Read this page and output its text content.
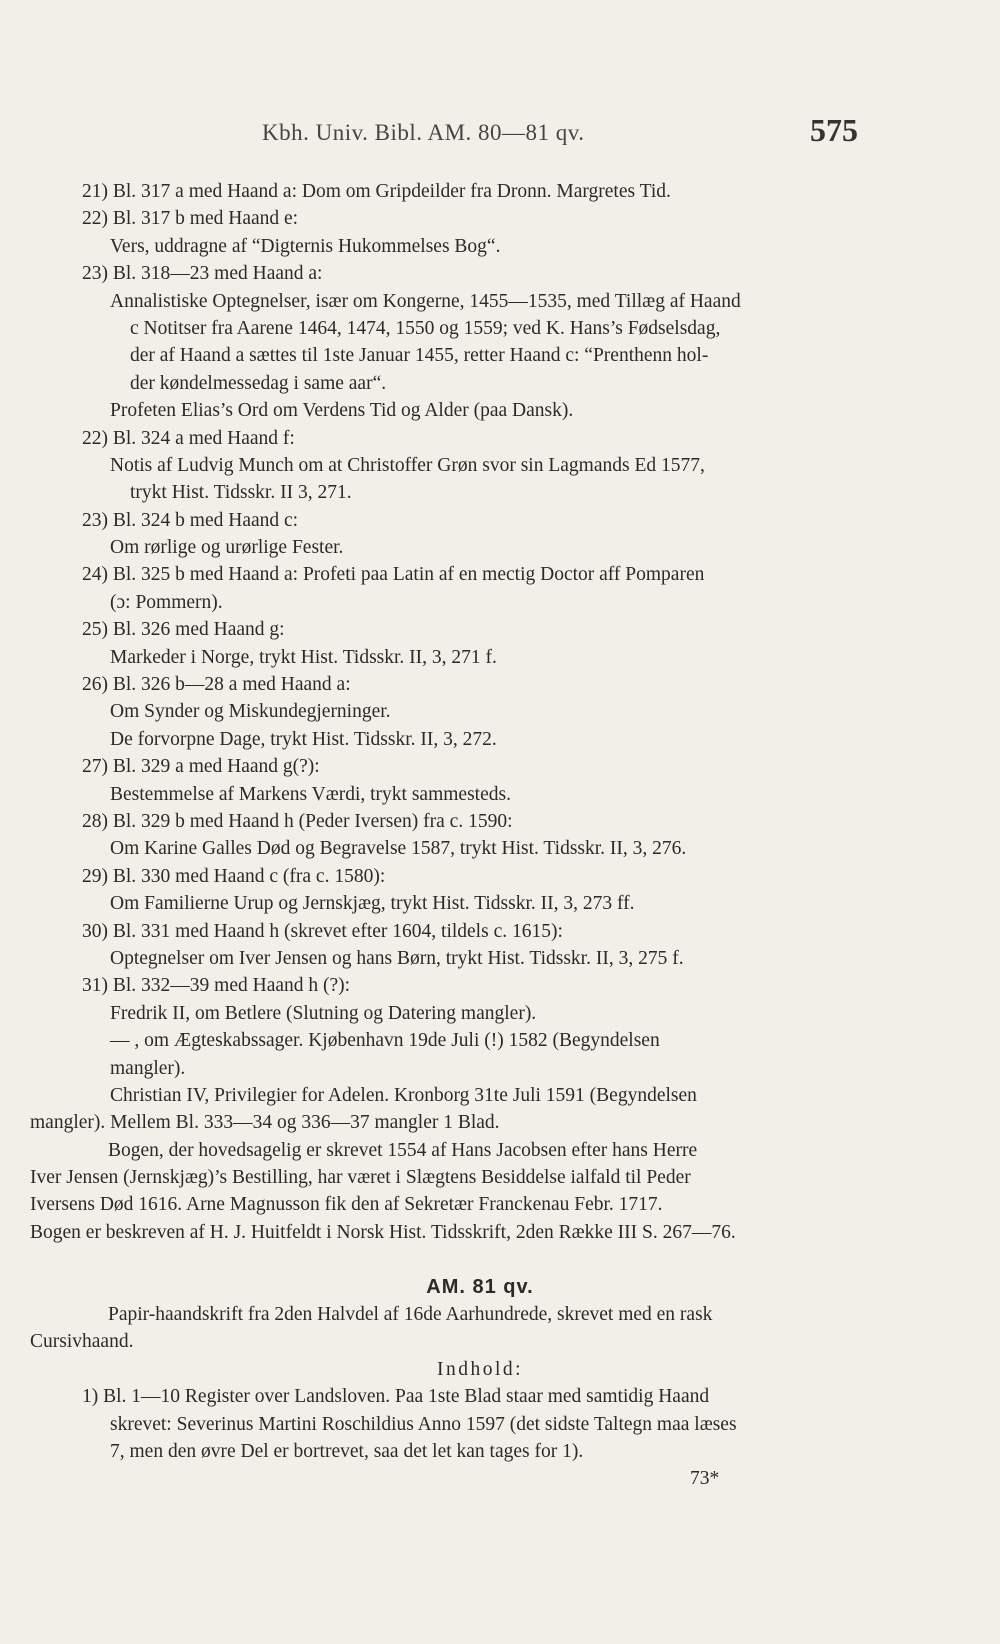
Kbh. Univ. Bibl. AM. 80—81 qv.	575
21) Bl. 317 a med Haand a: Dom om Gripdeilder fra Dronn. Margretes Tid.
22) Bl. 317 b med Haand e:
Vers, uddragne af “Digternis Hukommelses Bog“.
23) Bl. 318—23 med Haand a:
Annalistiske Optegnelser, især om Kongerne, 1455—1535, med Tillæg af Haand
c Notitser fra Aarene 1464, 1474, 1550 og 1559; ved K. Hans’s Fødselsdag,
der af Haand a sættes til 1ste Januar 1455, retter Haand c: “Prenthenn hol-
der køndelmessedag i same aar“.
Profeten Elias’s Ord om Verdens Tid og Alder (paa Dansk).
22) Bl. 324 a med Haand f:
Notis af Ludvig Munch om at Christoffer Grøn svor sin Lagmands Ed 1577,
trykt Hist. Tidsskr. II 3, 271.
23) Bl. 324 b med Haand c:
Om rørlige og urørlige Fester.
24) Bl. 325 b med Haand a: Profeti paa Latin af en mectig Doctor aff Pomparen
(ɔ: Pommern).
25) Bl. 326 med Haand g:
Markeder i Norge, trykt Hist. Tidsskr. II, 3, 271 f.
26) Bl. 326 b—28 a med Haand a:
Om Synder og Miskundegjerninger.
De forvorpne Dage, trykt Hist. Tidsskr. II, 3, 272.
27) Bl. 329 a med Haand g(?):
Bestemmelse af Markens Værdi, trykt sammesteds.
28) Bl. 329 b med Haand h (Peder Iversen) fra c. 1590:
Om Karine Galles Død og Begravelse 1587, trykt Hist. Tidsskr. II, 3, 276.
29) Bl. 330 med Haand c (fra c. 1580):
Om Familierne Urup og Jernskjæg, trykt Hist. Tidsskr. II, 3, 273 ff.
30) Bl. 331 med Haand h (skrevet efter 1604, tildels c. 1615):
Optegnelser om Iver Jensen og hans Børn, trykt Hist. Tidsskr. II, 3, 275 f.
31) Bl. 332—39 med Haand h (?):
Fredrik II, om Betlere (Slutning og Datering mangler).
— , om Ægteskabssager. Kjøbenhavn 19de Juli (!) 1582 (Begyndelsen
mangler).
Christian IV, Privilegier for Adelen. Kronborg 31te Juli 1591 (Begyndelsen
mangler). Mellem Bl. 333—34 og 336—37 mangler 1 Blad.
Bogen, der hovedsagelig er skrevet 1554 af Hans Jacobsen efter hans Herre
Iver Jensen (Jernskjæg)’s Bestilling, har været i Slægtens Besiddelse ialfald til Peder
Iversens Død 1616. Arne Magnusson fik den af Sekretær Franckenau Febr. 1717.
Bogen er beskreven af H. J. Huitfeldt i Norsk Hist. Tidsskrift, 2den Række III S. 267—76.
AM. 81 qv.
Papir-haandskrift fra 2den Halvdel af 16de Aarhundrede, skrevet med en rask
Cursivhaand.
Indhold:
1) Bl. 1—10 Register over Landsloven. Paa 1ste Blad staar med samtidig Haand
skrevet: Severinus Martini Roschildius Anno 1597 (det sidste Taltegn maa læses
7, men den øvre Del er bortrevet, saa det let kan tages for 1).
73*
